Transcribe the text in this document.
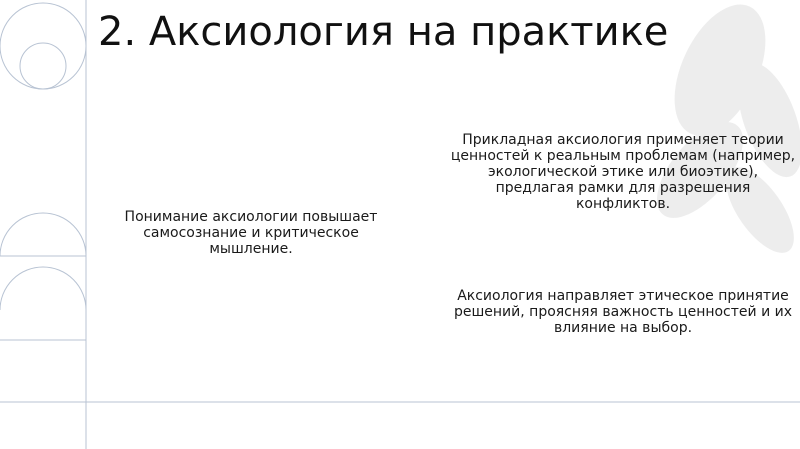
2. Аксиология на практике

Понимание аксиологии повышает самосознание и критическое мышление.

Прикладная аксиология применяет теории ценностей к реальным проблемам (например, экологической этике или биоэтике), предлагая рамки для разрешения конфликтов.

Аксиология направляет этическое принятие решений, проясняя важность ценностей и их влияние на выбор.
